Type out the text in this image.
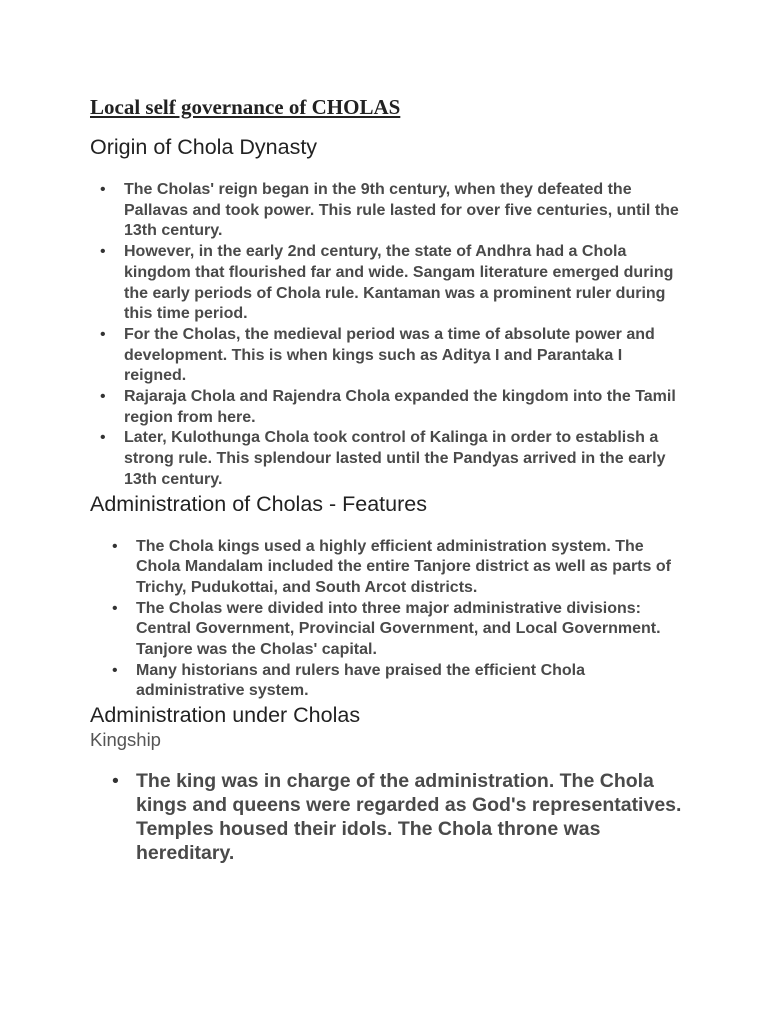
Local self governance of CHOLAS
Origin of Chola Dynasty
• The Cholas' reign began in the 9th century, when they defeated the Pallavas and took power. This rule lasted for over five centuries, until the 13th century.
• However, in the early 2nd century, the state of Andhra had a Chola kingdom that flourished far and wide. Sangam literature emerged during the early periods of Chola rule. Kantaman was a prominent ruler during this time period.
• For the Cholas, the medieval period was a time of absolute power and development. This is when kings such as Aditya I and Parantaka I reigned.
• Rajaraja Chola and Rajendra Chola expanded the kingdom into the Tamil region from here.
• Later, Kulothunga Chola took control of Kalinga in order to establish a strong rule. This splendour lasted until the Pandyas arrived in the early 13th century.
Administration of Cholas - Features
• The Chola kings used a highly efficient administration system. The Chola Mandalam included the entire Tanjore district as well as parts of Trichy, Pudukottai, and South Arcot districts.
• The Cholas were divided into three major administrative divisions: Central Government, Provincial Government, and Local Government. Tanjore was the Cholas' capital.
• Many historians and rulers have praised the efficient Chola administrative system.
Administration under Cholas
Kingship
• The king was in charge of the administration. The Chola kings and queens were regarded as God's representatives. Temples housed their idols. The Chola throne was hereditary.
